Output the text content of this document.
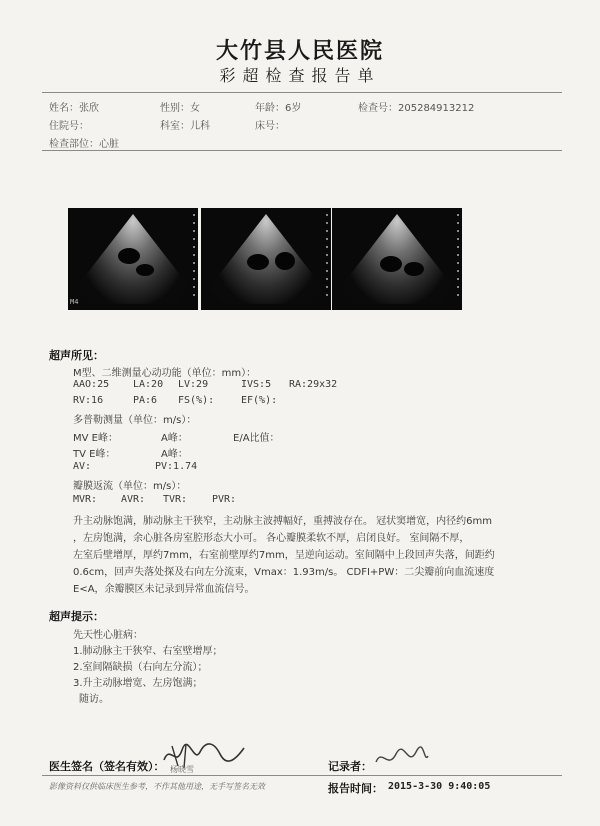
大竹县人民医院
彩超检查报告单
姓名：张欣	性别：女	年龄：6岁	检查号：205284913212
住院号：	科室：儿科	床号：
检查部位：心脏
M4
超声所见：
M型、二维测量心动功能（单位：mm）：
AAO:25 LA:20 LV:29	IVS:5 RA:29x32
RV:16	PA:6 FS(%):	EF(%):
多普勒测量（单位：m/s）：
MV E峰：	A峰：	E/A比值：
TV E峰：	A峰：
AV:	PV:1.74
瓣膜返流（单位：m/s）：
MVR: AVR: TVR: PVR:
升主动脉饱满，肺动脉主干狭窄，主动脉主波搏幅好，重搏波存在。 冠状窦增宽，内径约6mm
，左房饱满，余心脏各房室腔形态大小可。 各心瓣膜柔软不厚，启闭良好。 室间隔不厚，
左室后壁增厚，厚约7mm，右室前壁厚约7mm，呈逆向运动。室间隔中上段回声失落，间距约
0.6cm，回声失落处探及右向左分流束，Vmax：1.93m/s。 CDFI+PW：二尖瓣前向血流速度
E<A，余瓣膜区未记录到异常血流信号。
超声提示：
先天性心脏病：
1.肺动脉主干狭窄、右室壁增厚；
2.室间隔缺损（右向左分流）；
3.升主动脉增宽、左房饱满；
随访。
医生签名（签名有效）： 杨晓雪	记录者：
影像资料仅供临床医生参考，不作其他用途，无手写签名无效	报告时间： 2015-3-30 9:40:05
